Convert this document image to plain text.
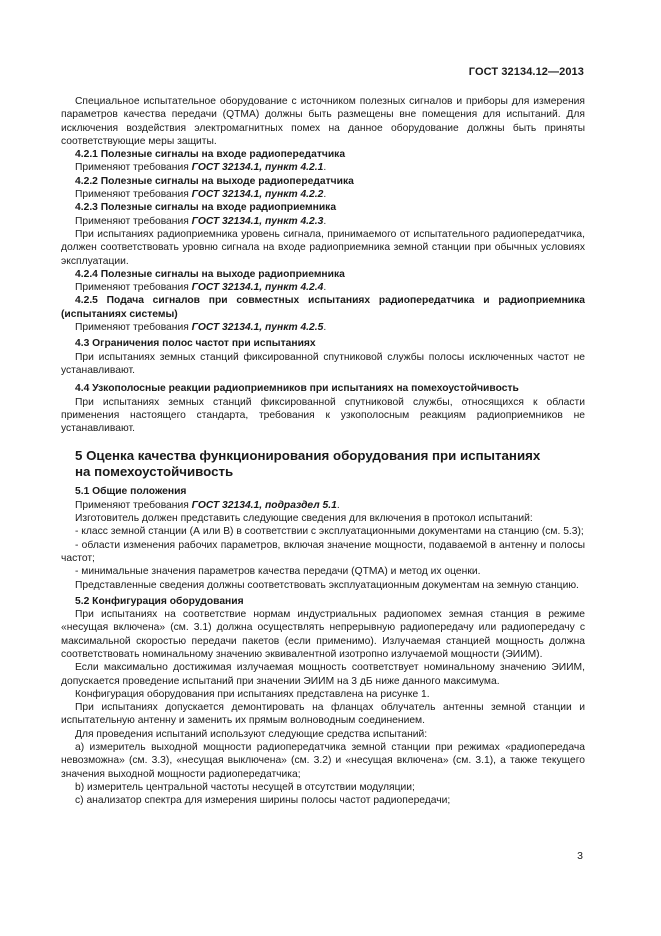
ГОСТ 32134.12—2013

Специальное испытательное оборудование с источником полезных сигналов и приборы для измерения параметров качества передачи (QTMA) должны быть размещены вне помещения для испытаний. Для исключения воздействия электромагнитных помех на данное оборудование должны быть приняты соответствующие меры защиты.

4.2.1 Полезные сигналы на входе радиопередатчика

Применяют требования ГОСТ 32134.1, пункт 4.2.1.

4.2.2 Полезные сигналы на выходе радиопередатчика

Применяют требования ГОСТ 32134.1, пункт 4.2.2.

4.2.3 Полезные сигналы на входе радиоприемника

Применяют требования ГОСТ 32134.1, пункт 4.2.3.

При испытаниях радиоприемника уровень сигнала, принимаемого от испытательного радиопередатчика, должен соответствовать уровню сигнала на входе радиоприемника земной станции при обычных условиях эксплуатации.

4.2.4 Полезные сигналы на выходе радиоприемника

Применяют требования ГОСТ 32134.1, пункт 4.2.4.

4.2.5 Подача сигналов при совместных испытаниях радиопередатчика и радиоприемника (испытаниях системы)

Применяют требования ГОСТ 32134.1, пункт 4.2.5.

4.3 Ограничения полос частот при испытаниях

При испытаниях земных станций фиксированной спутниковой службы полосы исключенных частот не устанавливают.

4.4 Узкополосные реакции радиоприемников при испытаниях на помехоустойчивость

При испытаниях земных станций фиксированной спутниковой службы, относящихся к области применения настоящего стандарта, требования к узкополосным реакциям радиоприемников не устанавливают.

5 Оценка качества функционирования оборудования при испытаниях
на помехоустойчивость

5.1 Общие положения

Применяют требования ГОСТ 32134.1, подраздел 5.1.

Изготовитель должен представить следующие сведения для включения в протокол испытаний:

- класс земной станции (А или В) в соответствии с эксплуатационными документами на станцию (см. 5.3);

- области изменения рабочих параметров, включая значение мощности, подаваемой в антенну и полосы частот;

- минимальные значения параметров качества передачи (QTMA) и метод их оценки.

Представленные сведения должны соответствовать эксплуатационным документам на земную станцию.

5.2 Конфигурация оборудования

При испытаниях на соответствие нормам индустриальных радиопомех земная станция в режиме «несущая включена» (см. 3.1) должна осуществлять непрерывную радиопередачу или радиопередачу с максимальной скоростью передачи пакетов (если применимо). Излучаемая станцией мощность должна соответствовать номинальному значению эквивалентной изотропно излучаемой мощности (ЭИИМ).

Если максимально достижимая излучаемая мощность соответствует номинальному значению ЭИИМ, допускается проведение испытаний при значении ЭИИМ на 3 дБ ниже данного максимума.

Конфигурация оборудования при испытаниях представлена на рисунке 1.

При испытаниях допускается демонтировать на фланцах облучатель антенны земной станции и испытательную антенну и заменить их прямым волноводным соединением.

Для проведения испытаний используют следующие средства испытаний:

a) измеритель выходной мощности радиопередатчика земной станции при режимах «радиопередача невозможна» (см. 3.3), «несущая выключена» (см. 3.2) и «несущая включена» (см. 3.1), а также текущего значения выходной мощности радиопередатчика;

b) измеритель центральной частоты несущей в отсутствии модуляции;

c) анализатор спектра для измерения ширины полосы частот радиопередачи;

3
